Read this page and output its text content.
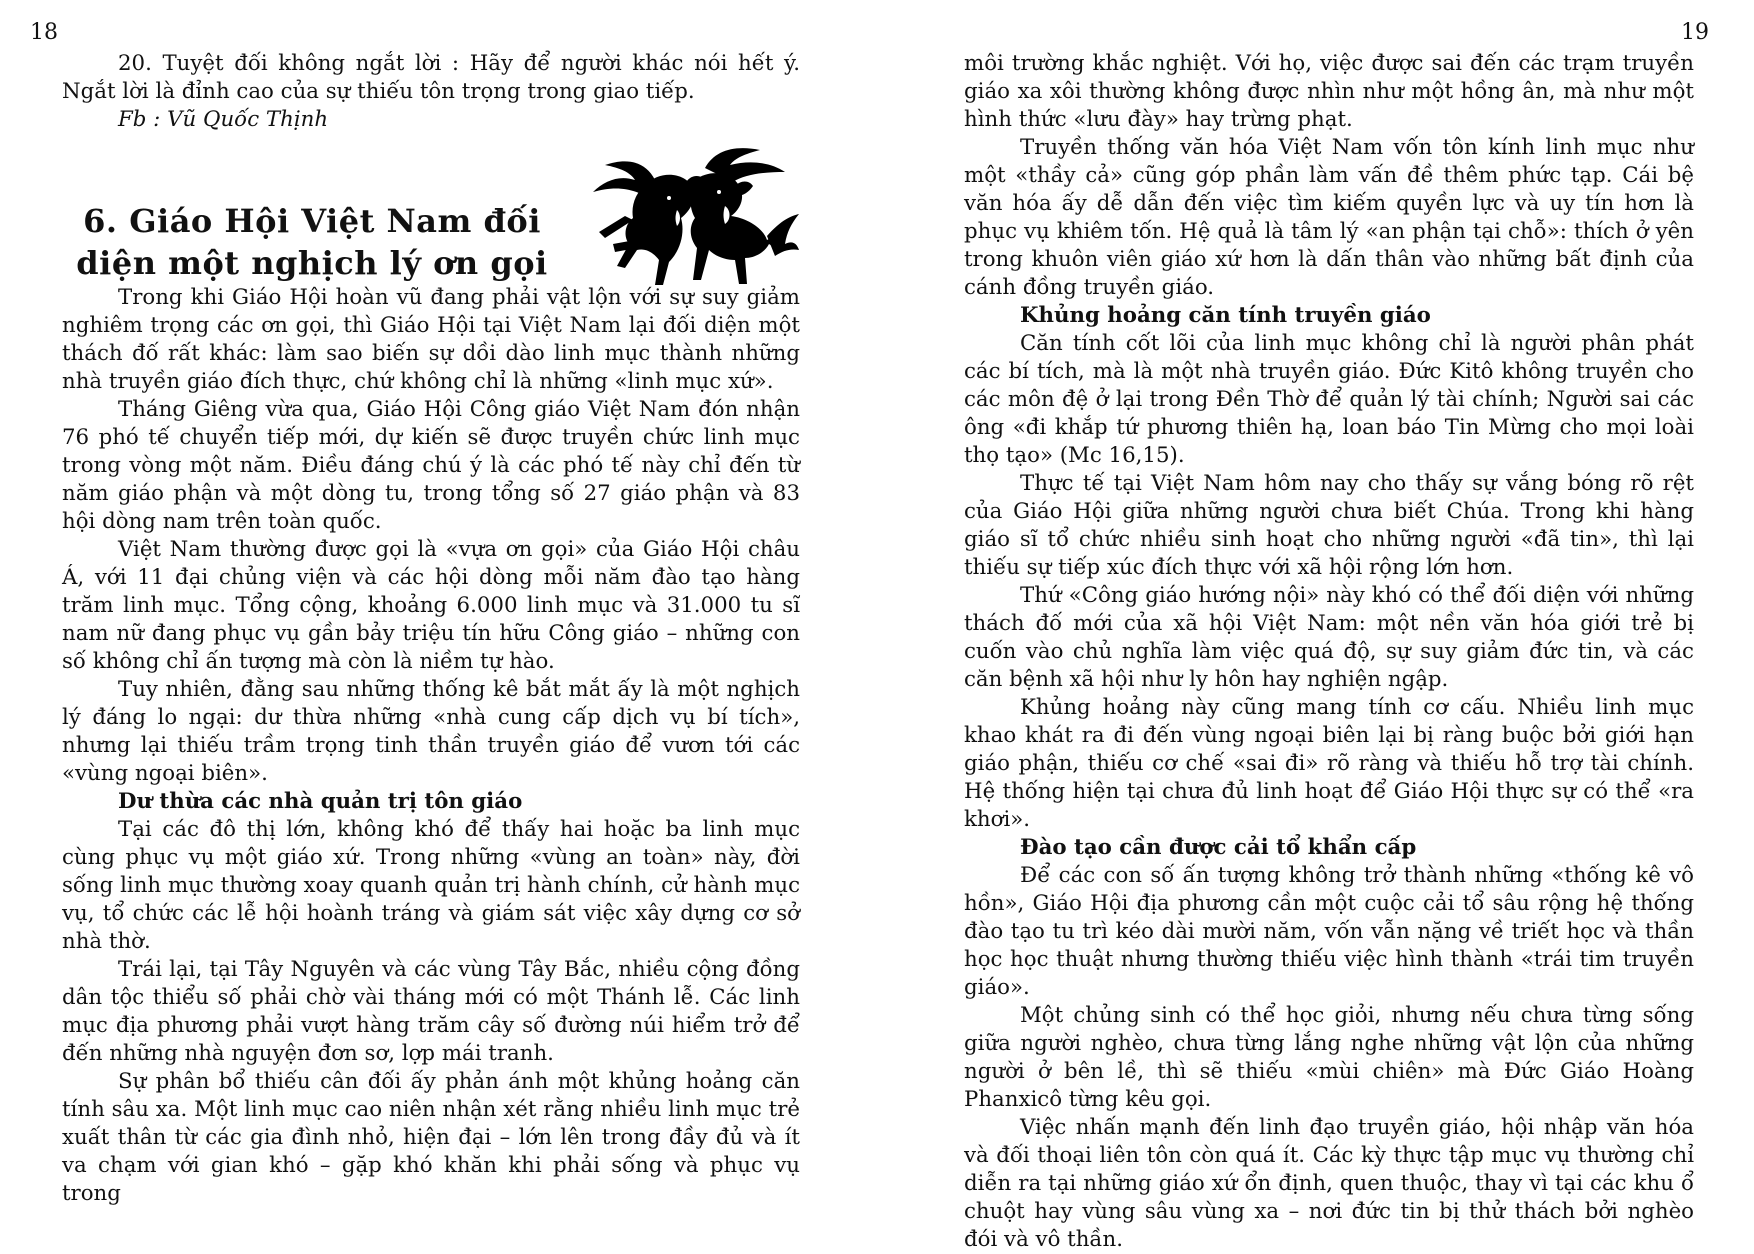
18

20. Tuyệt đối không ngắt lời : Hãy để người khác nói hết ý. Ngắt lời là đỉnh cao của sự thiếu tôn trọng trong giao tiếp.

Fb : Vũ Quốc Thịnh

6. Giáo Hội Việt Nam đối
diện một nghịch lý ơn gọi

Trong khi Giáo Hội hoàn vũ đang phải vật lộn với sự suy giảm nghiêm trọng các ơn gọi, thì Giáo Hội tại Việt Nam lại đối diện một thách đố rất khác: làm sao biến sự dồi dào linh mục thành những nhà truyền giáo đích thực, chứ không chỉ là những «linh mục xứ».

Tháng Giêng vừa qua, Giáo Hội Công giáo Việt Nam đón nhận 76 phó tế chuyển tiếp mới, dự kiến sẽ được truyền chức linh mục trong vòng một năm. Điều đáng chú ý là các phó tế này chỉ đến từ năm giáo phận và một dòng tu, trong tổng số 27 giáo phận và 83 hội dòng nam trên toàn quốc.

Việt Nam thường được gọi là «vựa ơn gọi» của Giáo Hội châu Á, với 11 đại chủng viện và các hội dòng mỗi năm đào tạo hàng trăm linh mục. Tổng cộng, khoảng 6.000 linh mục và 31.000 tu sĩ nam nữ đang phục vụ gần bảy triệu tín hữu Công giáo – những con số không chỉ ấn tượng mà còn là niềm tự hào.

Tuy nhiên, đằng sau những thống kê bắt mắt ấy là một nghịch lý đáng lo ngại: dư thừa những «nhà cung cấp dịch vụ bí tích», nhưng lại thiếu trầm trọng tinh thần truyền giáo để vươn tới các «vùng ngoại biên».

Dư thừa các nhà quản trị tôn giáo

Tại các đô thị lớn, không khó để thấy hai hoặc ba linh mục cùng phục vụ một giáo xứ. Trong những «vùng an toàn» này, đời sống linh mục thường xoay quanh quản trị hành chính, cử hành mục vụ, tổ chức các lễ hội hoành tráng và giám sát việc xây dựng cơ sở nhà thờ.

Trái lại, tại Tây Nguyên và các vùng Tây Bắc, nhiều cộng đồng dân tộc thiểu số phải chờ vài tháng mới có một Thánh lễ. Các linh mục địa phương phải vượt hàng trăm cây số đường núi hiểm trở để đến những nhà nguyện đơn sơ, lợp mái tranh.

Sự phân bổ thiếu cân đối ấy phản ánh một khủng hoảng căn tính sâu xa. Một linh mục cao niên nhận xét rằng nhiều linh mục trẻ xuất thân từ các gia đình nhỏ, hiện đại – lớn lên trong đầy đủ và ít va chạm với gian khó – gặp khó khăn khi phải sống và phục vụ trong

19

môi trường khắc nghiệt. Với họ, việc được sai đến các trạm truyền giáo xa xôi thường không được nhìn như một hồng ân, mà như một hình thức «lưu đày» hay trừng phạt.

Truyền thống văn hóa Việt Nam vốn tôn kính linh mục như một «thầy cả» cũng góp phần làm vấn đề thêm phức tạp. Cái bệ văn hóa ấy dễ dẫn đến việc tìm kiếm quyền lực và uy tín hơn là phục vụ khiêm tốn. Hệ quả là tâm lý «an phận tại chỗ»: thích ở yên trong khuôn viên giáo xứ hơn là dấn thân vào những bất định của cánh đồng truyền giáo.

Khủng hoảng căn tính truyền giáo

Căn tính cốt lõi của linh mục không chỉ là người phân phát các bí tích, mà là một nhà truyền giáo. Đức Kitô không truyền cho các môn đệ ở lại trong Đền Thờ để quản lý tài chính; Người sai các ông «đi khắp tứ phương thiên hạ, loan báo Tin Mừng cho mọi loài thọ tạo» (Mc 16,15).

Thực tế tại Việt Nam hôm nay cho thấy sự vắng bóng rõ rệt của Giáo Hội giữa những người chưa biết Chúa. Trong khi hàng giáo sĩ tổ chức nhiều sinh hoạt cho những người «đã tin», thì lại thiếu sự tiếp xúc đích thực với xã hội rộng lớn hơn.

Thứ «Công giáo hướng nội» này khó có thể đối diện với những thách đố mới của xã hội Việt Nam: một nền văn hóa giới trẻ bị cuốn vào chủ nghĩa làm việc quá độ, sự suy giảm đức tin, và các căn bệnh xã hội như ly hôn hay nghiện ngập.

Khủng hoảng này cũng mang tính cơ cấu. Nhiều linh mục khao khát ra đi đến vùng ngoại biên lại bị ràng buộc bởi giới hạn giáo phận, thiếu cơ chế «sai đi» rõ ràng và thiếu hỗ trợ tài chính. Hệ thống hiện tại chưa đủ linh hoạt để Giáo Hội thực sự có thể «ra khơi».

Đào tạo cần được cải tổ khẩn cấp

Để các con số ấn tượng không trở thành những «thống kê vô hồn», Giáo Hội địa phương cần một cuộc cải tổ sâu rộng hệ thống đào tạo tu trì kéo dài mười năm, vốn vẫn nặng về triết học và thần học học thuật nhưng thường thiếu việc hình thành «trái tim truyền giáo».

Một chủng sinh có thể học giỏi, nhưng nếu chưa từng sống giữa người nghèo, chưa từng lắng nghe những vật lộn của những người ở bên lề, thì sẽ thiếu «mùi chiên» mà Đức Giáo Hoàng Phanxicô từng kêu gọi.

Việc nhấn mạnh đến linh đạo truyền giáo, hội nhập văn hóa và đối thoại liên tôn còn quá ít. Các kỳ thực tập mục vụ thường chỉ diễn ra tại những giáo xứ ổn định, quen thuộc, thay vì tại các khu ổ chuột hay vùng sâu vùng xa – nơi đức tin bị thử thách bởi nghèo đói và vô thần.
